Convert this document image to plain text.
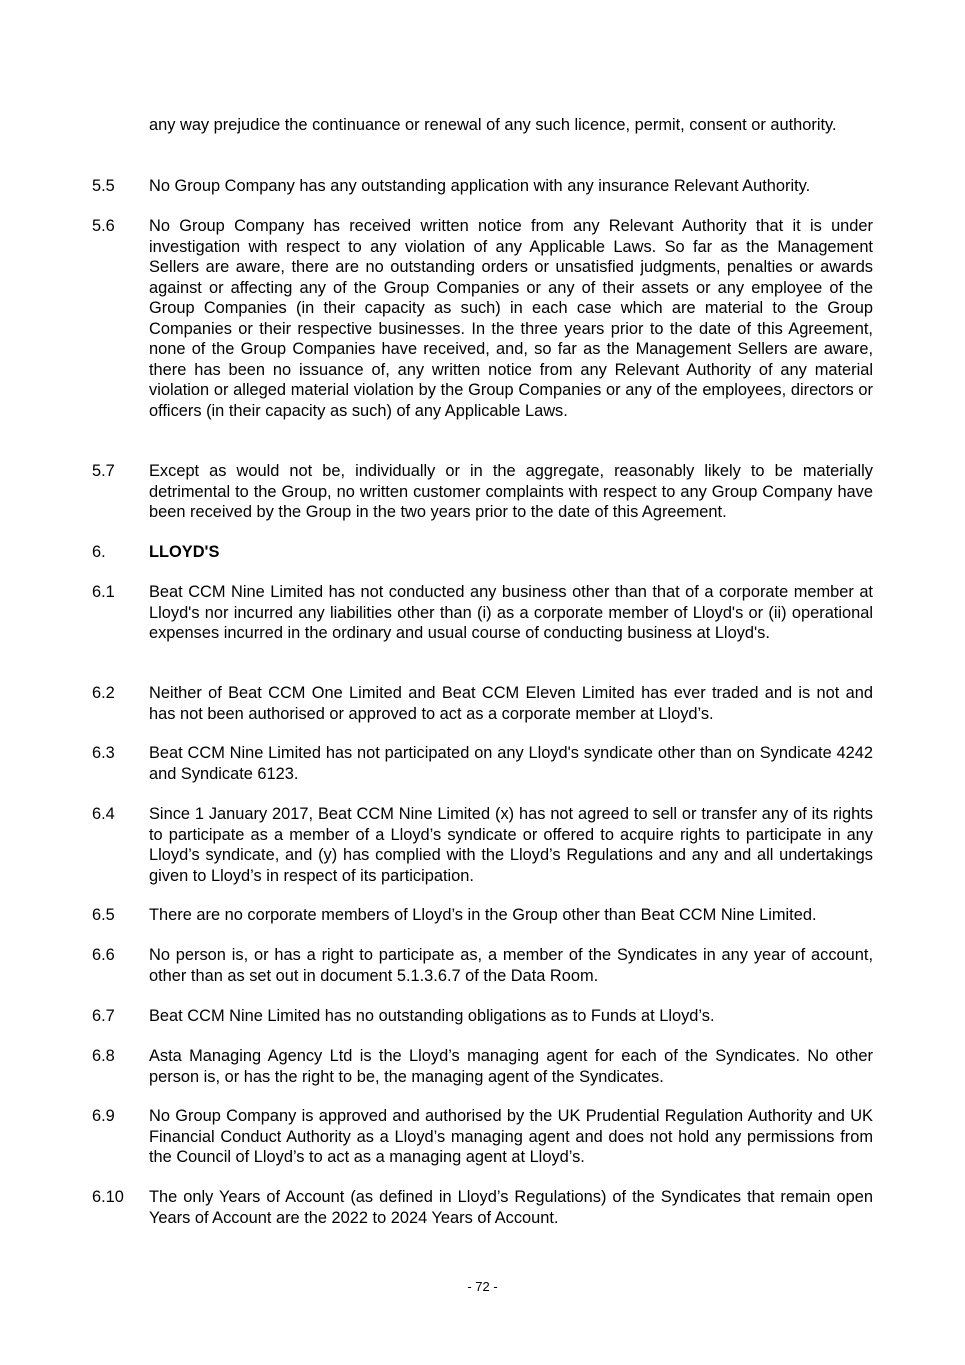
any way prejudice the continuance or renewal of any such licence, permit, consent or authority.
5.5	No Group Company has any outstanding application with any insurance Relevant Authority.
5.6	No Group Company has received written notice from any Relevant Authority that it is under investigation with respect to any violation of any Applicable Laws. So far as the Management Sellers are aware, there are no outstanding orders or unsatisfied judgments, penalties or awards against or affecting any of the Group Companies or any of their assets or any employee of the Group Companies (in their capacity as such) in each case which are material to the Group Companies or their respective businesses. In the three years prior to the date of this Agreement, none of the Group Companies have received, and, so far as the Management Sellers are aware, there has been no issuance of, any written notice from any Relevant Authority of any material violation or alleged material violation by the Group Companies or any of the employees, directors or officers (in their capacity as such) of any Applicable Laws.
5.7	Except as would not be, individually or in the aggregate, reasonably likely to be materially detrimental to the Group, no written customer complaints with respect to any Group Company have been received by the Group in the two years prior to the date of this Agreement.
6.	LLOYD'S
6.1	Beat CCM Nine Limited has not conducted any business other than that of a corporate member at Lloyd's nor incurred any liabilities other than (i) as a corporate member of Lloyd's or (ii) operational expenses incurred in the ordinary and usual course of conducting business at Lloyd's.
6.2	Neither of Beat CCM One Limited and Beat CCM Eleven Limited has ever traded and is not and has not been authorised or approved to act as a corporate member at Lloyd’s.
6.3	Beat CCM Nine Limited has not participated on any Lloyd's syndicate other than on Syndicate 4242 and Syndicate 6123.
6.4	Since 1 January 2017, Beat CCM Nine Limited (x) has not agreed to sell or transfer any of its rights to participate as a member of a Lloyd’s syndicate or offered to acquire rights to participate in any Lloyd’s syndicate, and (y) has complied with the Lloyd’s Regulations and any and all undertakings given to Lloyd’s in respect of its participation.
6.5	There are no corporate members of Lloyd’s in the Group other than Beat CCM Nine Limited.
6.6	No person is, or has a right to participate as, a member of the Syndicates in any year of account, other than as set out in document 5.1.3.6.7 of the Data Room.
6.7	Beat CCM Nine Limited has no outstanding obligations as to Funds at Lloyd’s.
6.8	Asta Managing Agency Ltd is the Lloyd’s managing agent for each of the Syndicates. No other person is, or has the right to be, the managing agent of the Syndicates.
6.9	No Group Company is approved and authorised by the UK Prudential Regulation Authority and UK Financial Conduct Authority as a Lloyd’s managing agent and does not hold any permissions from the Council of Lloyd’s to act as a managing agent at Lloyd’s.
6.10	The only Years of Account (as defined in Lloyd’s Regulations) of the Syndicates that remain open Years of Account are the 2022 to 2024 Years of Account.
- 72 -
